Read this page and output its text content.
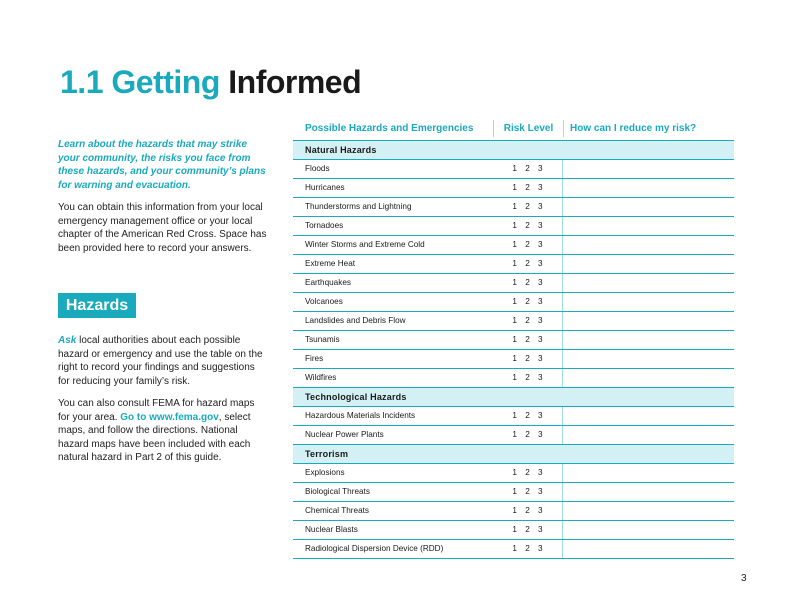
1.1 Getting Informed
Learn about the hazards that may strike your community, the risks you face from these hazards, and your community’s plans for warning and evacuation.
You can obtain this information from your local emergency management office or your local chapter of the American Red Cross. Space has been provided here to record your answers.
Hazards
Ask local authorities about each possible hazard or emergency and use the table on the right to record your findings and suggestions for reducing your family’s risk.
You can also consult FEMA for hazard maps for your area. Go to www.fema.gov, select maps, and follow the directions. National hazard maps have been included with each natural hazard in Part 2 of this guide.
Possible Hazards and Emergencies	Risk Level	How can I reduce my risk?
Natural Hazards
Floods	1 2 3
Hurricanes	1 2 3
Thunderstorms and Lightning	1 2 3
Tornadoes	1 2 3
Winter Storms and Extreme Cold	1 2 3
Extreme Heat	1 2 3
Earthquakes	1 2 3
Volcanoes	1 2 3
Landslides and Debris Flow	1 2 3
Tsunamis	1 2 3
Fires	1 2 3
Wildfires	1 2 3
Technological Hazards
Hazardous Materials Incidents	1 2 3
Nuclear Power Plants	1 2 3
Terrorism
Explosions	1 2 3
Biological Threats	1 2 3
Chemical Threats	1 2 3
Nuclear Blasts	1 2 3
Radiological Dispersion Device (RDD)	1 2 3
3
